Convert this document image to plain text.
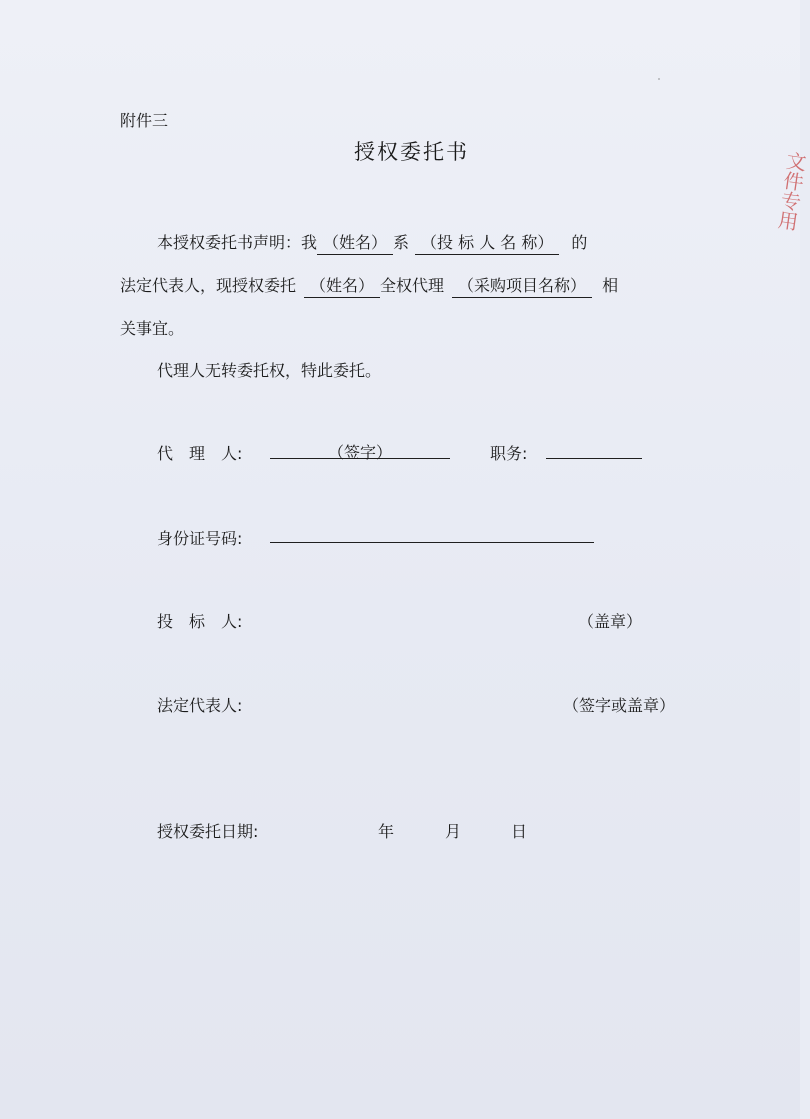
文件专用
附件三
授权委托书
本授权委托书声明：我 （姓名） 系 （投 标 人 名 称） 的
法定代表人，现授权委托 （姓名） 全权代理 （采购项目名称） 相
关事宜。
代理人无转委托权，特此委托。
代　理　人:	（签字）	职务:
身份证号码:
投　标　人:	（盖章）
法定代表人:	（签字或盖章）
授权委托日期:	年	月	日
